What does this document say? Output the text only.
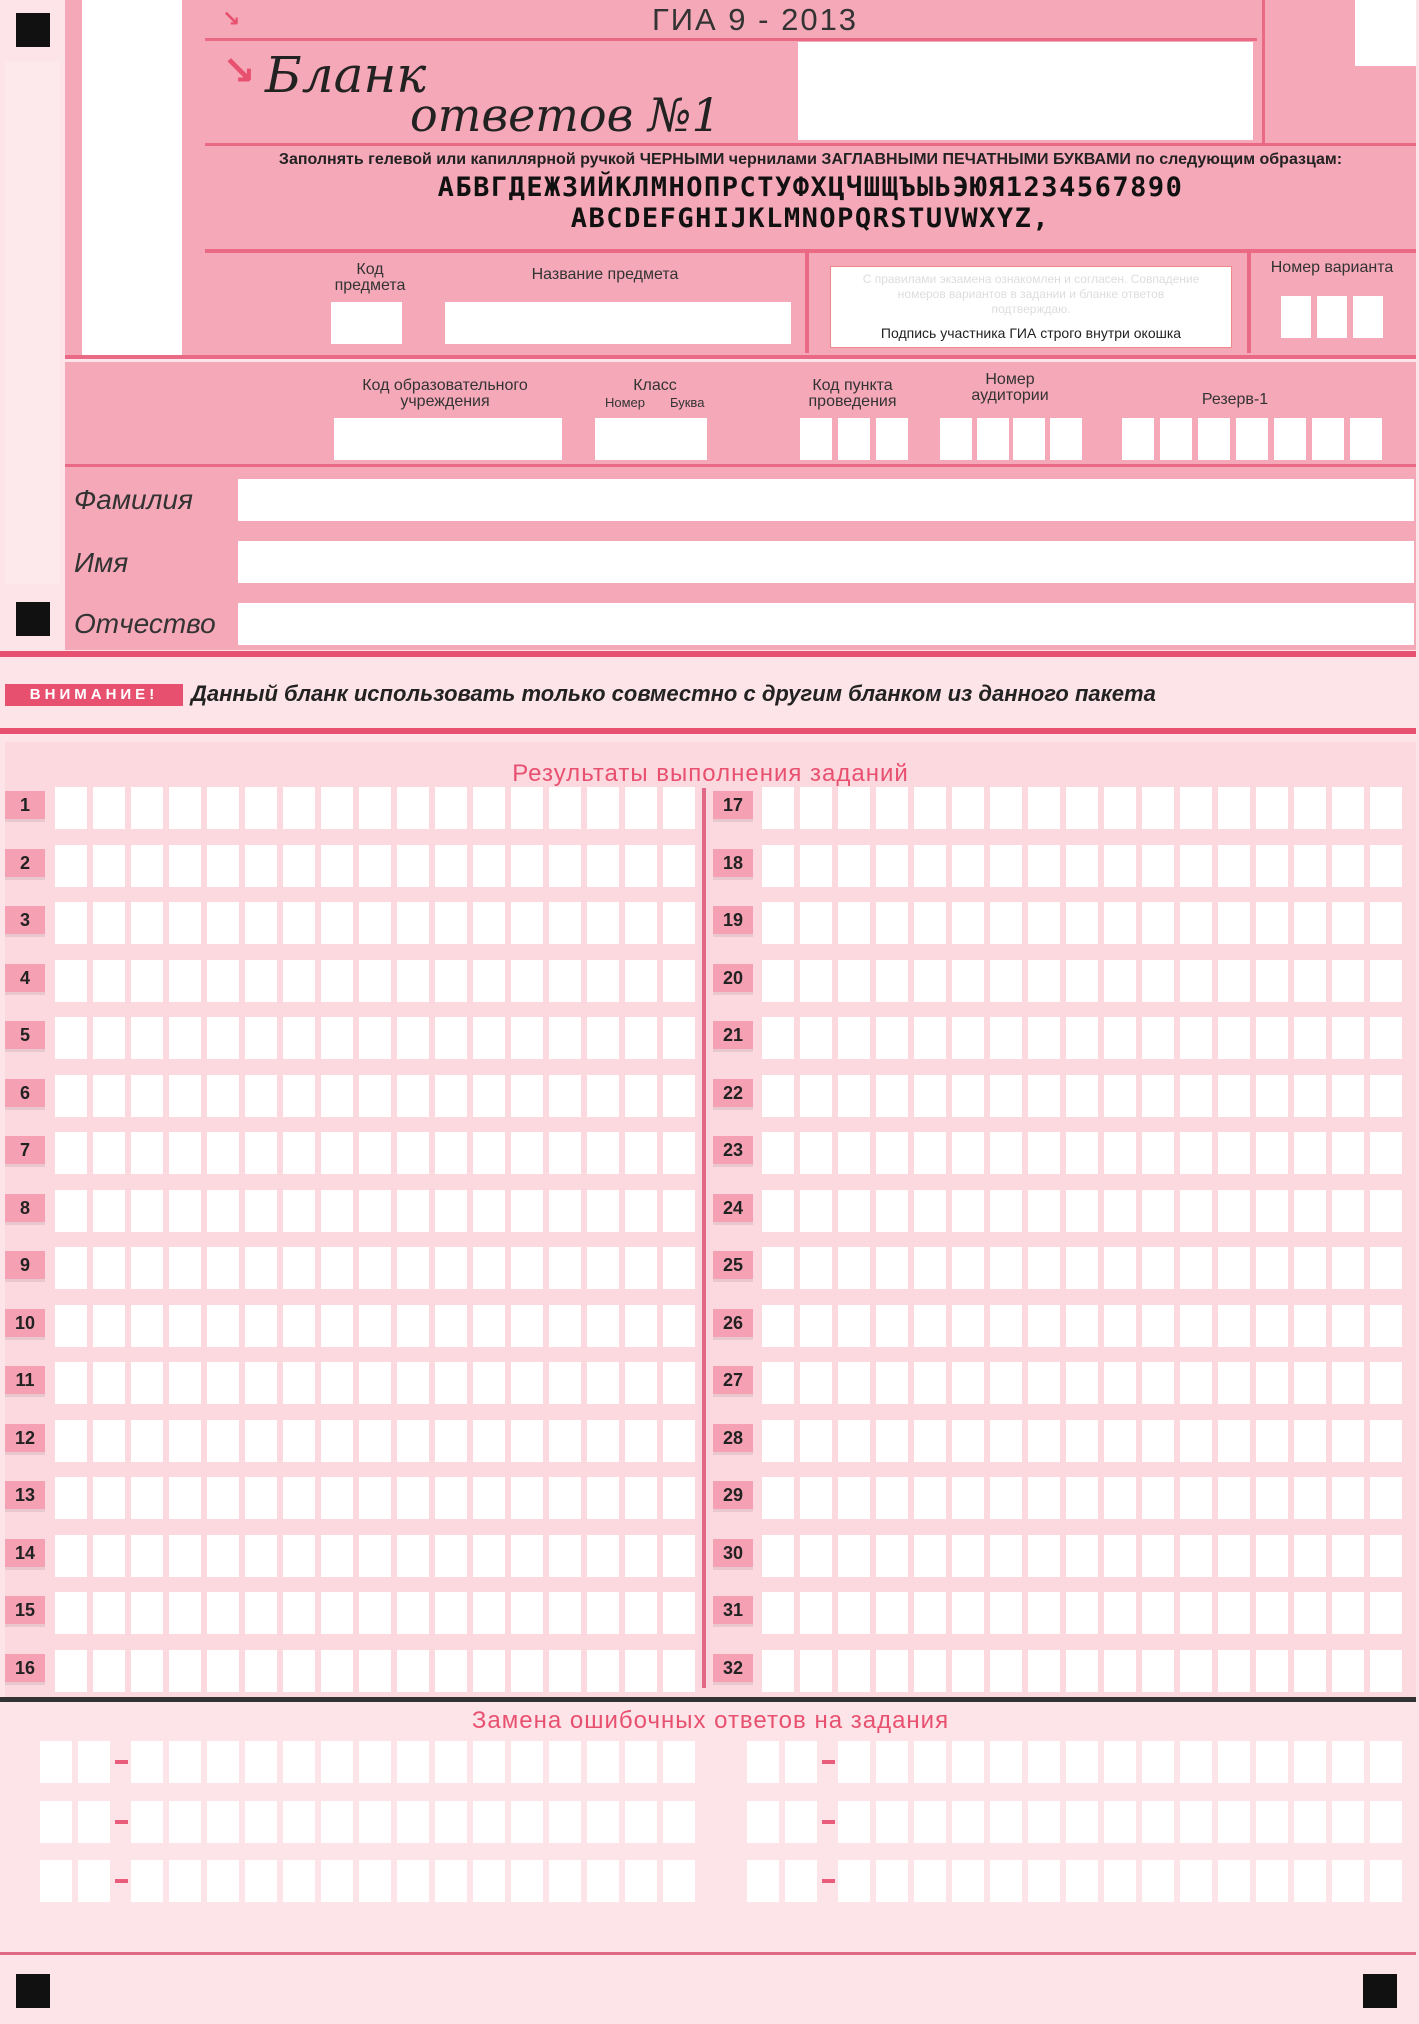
ГИА 9 - 2013
↘
↘ Бланк
ответов №1
Заполнять гелевой или капиллярной ручкой ЧЕРНЫМИ чернилами ЗАГЛАВНЫМИ ПЕЧАТНЫМИ БУКВАМИ по следующим образцам:
АБВГДЕЖЗИЙКЛМНОПРСТУФХЦЧШЩЪЫЬЭЮЯ1234567890
ABCDEFGHIJKLMNOPQRSTUVWXYZ,
Код предмета
Название предмета	С правилами экзамена ознакомлен и согласен. Совпадение номеров вариантов в задании и бланке ответов подтверждаю.
Подпись участника ГИА строго внутри окошка
Номер варианта
Код образовательного учреждения
Класс
Номер Буква
Код пункта проведения
Номер аудитории	Резерв-1
Фамилия
Имя
Отчество
ВНИМАНИЕ!	Данный бланк использовать только совместно с другим бланком из данного пакета
Результаты выполнения заданий
1
2
3
4
5
6
7
8
9
10
11
12
13
14
15
16
17
18
19
20
21
22
23
24
25
26
27
28
29
30
31
32
Замена ошибочных ответов на задания
